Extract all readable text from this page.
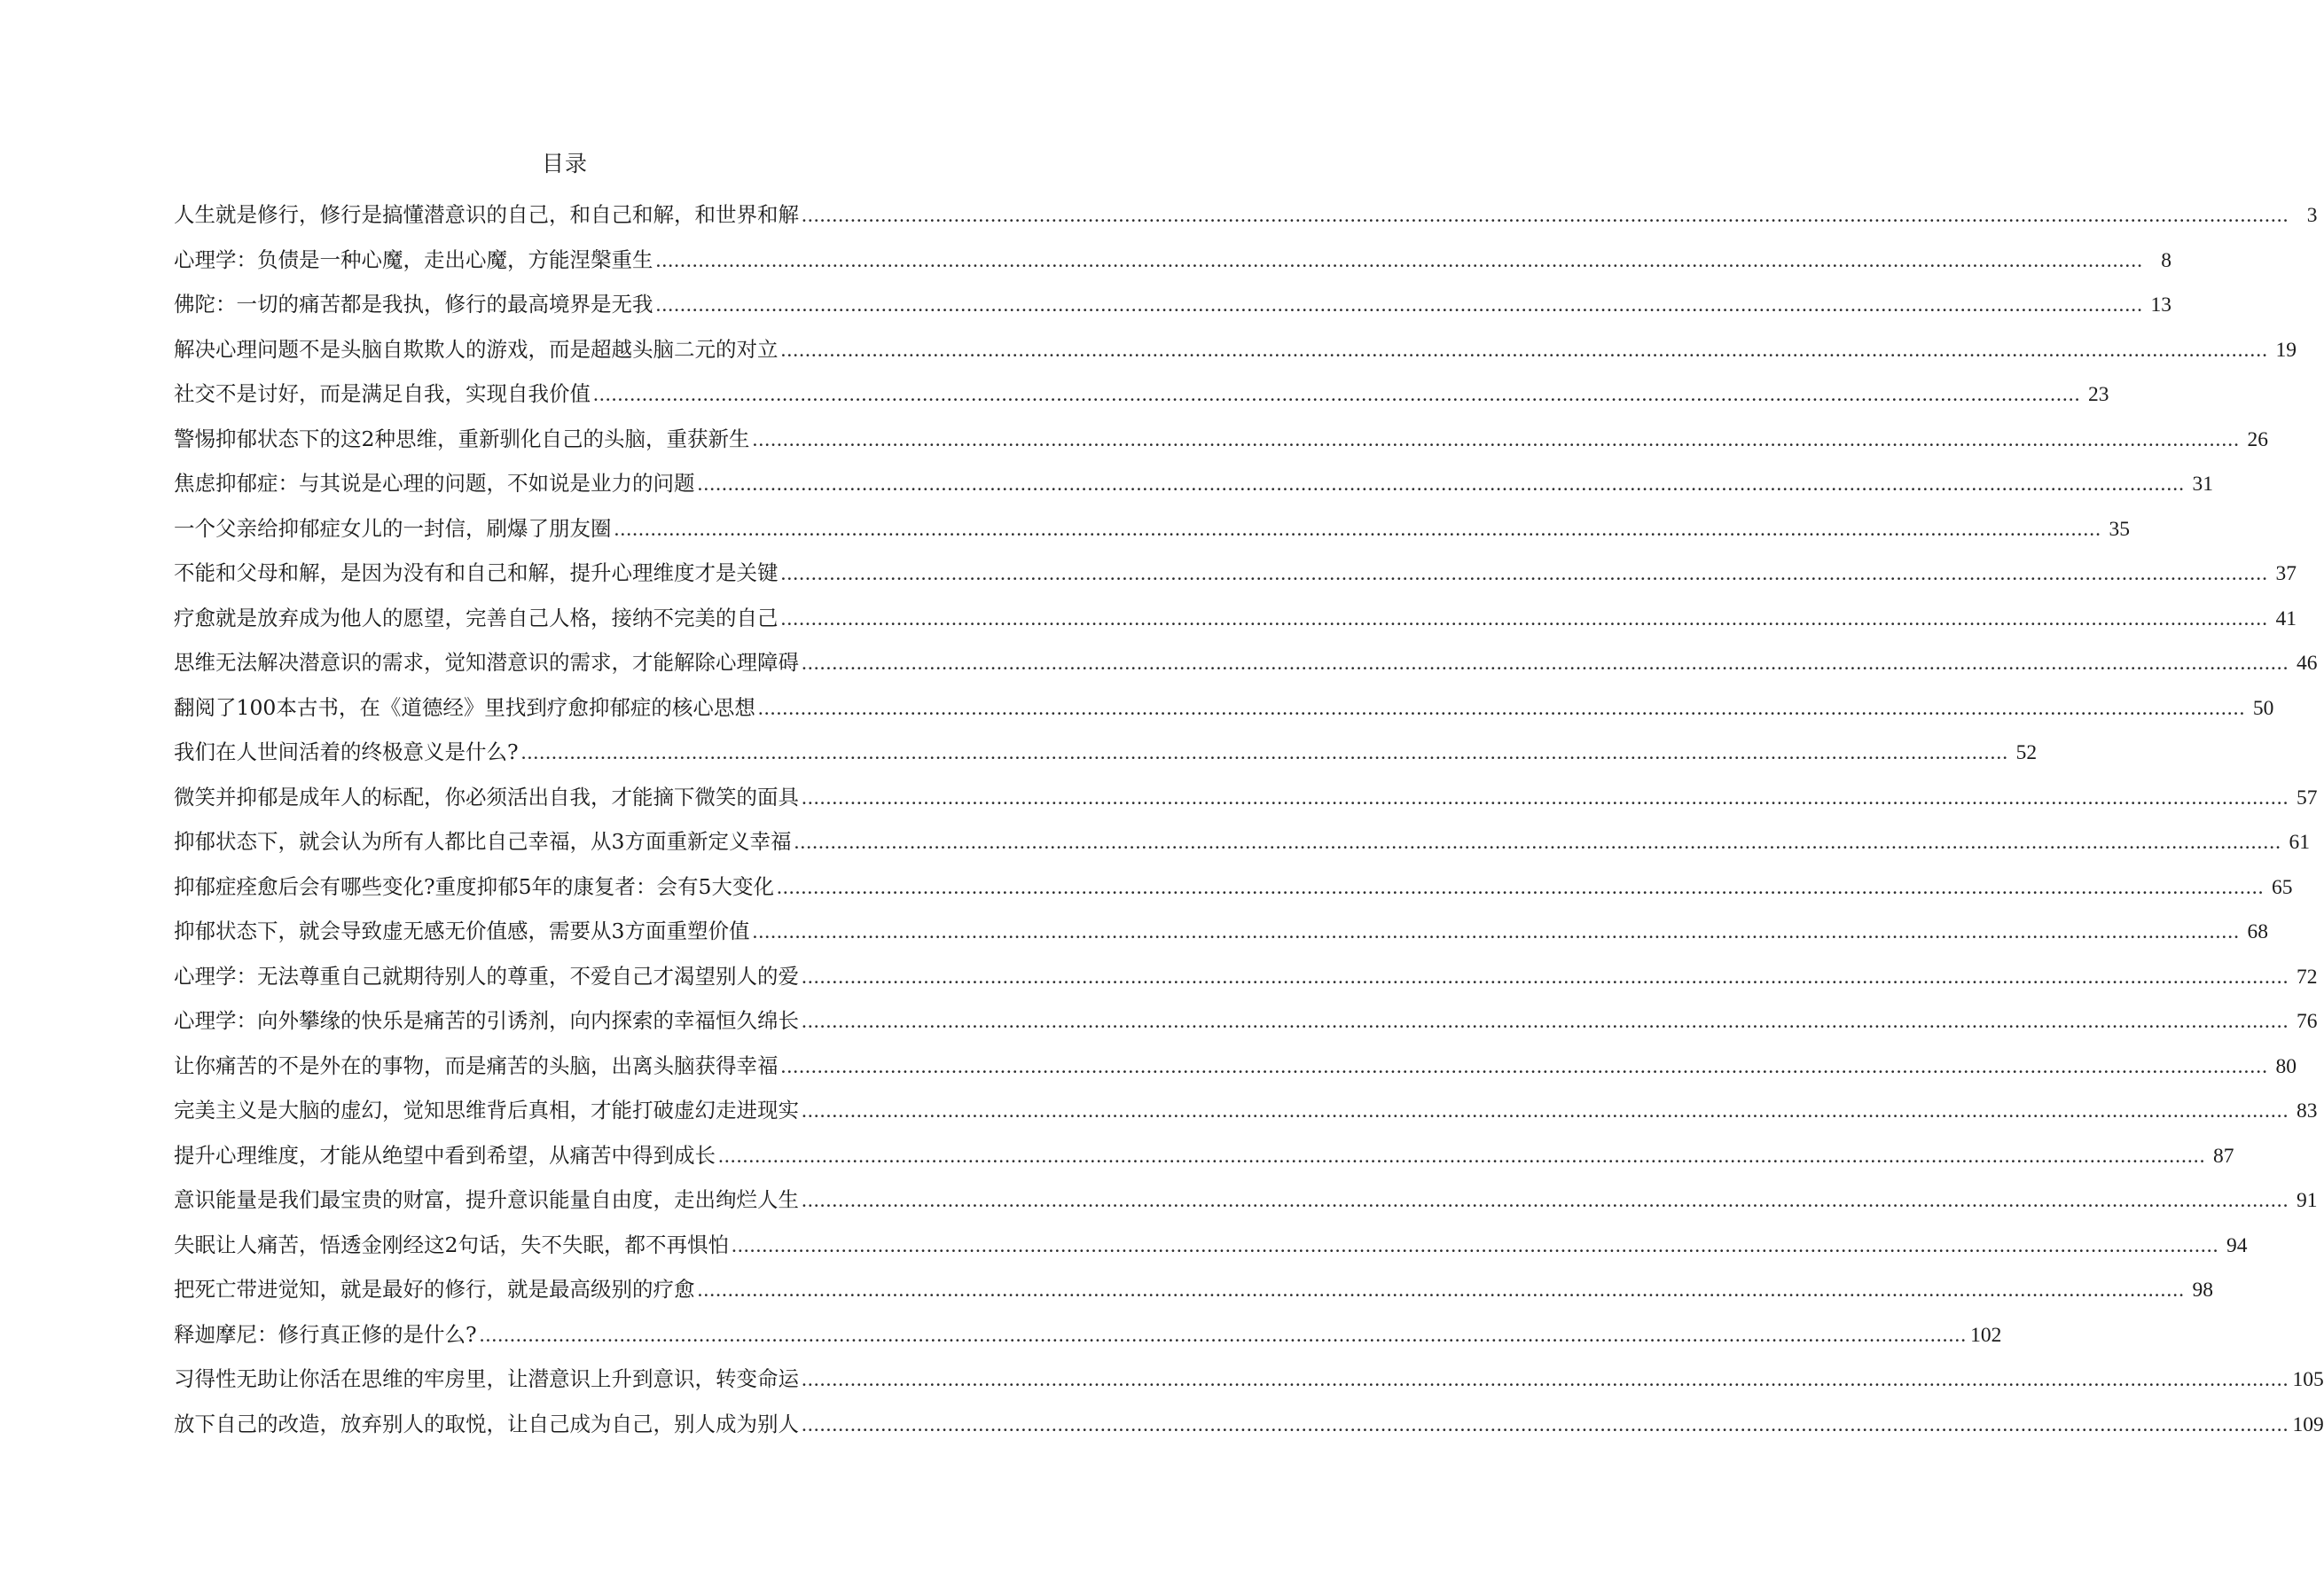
目录
人生就是修行，修行是搞懂潜意识的自己，和自己和解，和世界和解 .....	3
心理学：负债是一种心魔，走出心魔，方能涅槃重生 .....	8
佛陀：一切的痛苦都是我执，修行的最高境界是无我 .....	13
解决心理问题不是头脑自欺欺人的游戏，而是超越头脑二元的对立 .....	19
社交不是讨好，而是满足自我，实现自我价值 .....	23
警惕抑郁状态下的这2种思维，重新驯化自己的头脑，重获新生 .....	26
焦虑抑郁症：与其说是心理的问题，不如说是业力的问题 .....	31
一个父亲给抑郁症女儿的一封信，刷爆了朋友圈 .....	35
不能和父母和解，是因为没有和自己和解，提升心理维度才是关键 .....	37
疗愈就是放弃成为他人的愿望，完善自己人格，接纳不完美的自己 .....	41
思维无法解决潜意识的需求，觉知潜意识的需求，才能解除心理障碍 .....	46
翻阅了100本古书，在《道德经》里找到疗愈抑郁症的核心思想 .....	50
我们在人世间活着的终极意义是什么? .....	52
微笑并抑郁是成年人的标配，你必须活出自我，才能摘下微笑的面具 .....	57
抑郁状态下，就会认为所有人都比自己幸福，从3方面重新定义幸福 .....	61
抑郁症痊愈后会有哪些变化?重度抑郁5年的康复者：会有5大变化 .....	65
抑郁状态下，就会导致虚无感无价值感，需要从3方面重塑价值 .....	68
心理学：无法尊重自己就期待别人的尊重，不爱自己才渴望别人的爱 .....	72
心理学：向外攀缘的快乐是痛苦的引诱剂，向内探索的幸福恒久绵长 .....	76
让你痛苦的不是外在的事物，而是痛苦的头脑，出离头脑获得幸福 .....	80
完美主义是大脑的虚幻，觉知思维背后真相，才能打破虚幻走进现实 .....	83
提升心理维度，才能从绝望中看到希望，从痛苦中得到成长 .....	87
意识能量是我们最宝贵的财富，提升意识能量自由度，走出绚烂人生 .....	91
失眠让人痛苦，悟透金刚经这2句话，失不失眠，都不再惧怕 .....	94
把死亡带进觉知，就是最好的修行，就是最高级别的疗愈 .....	98
释迦摩尼：修行真正修的是什么? .....	102
习得性无助让你活在思维的牢房里，让潜意识上升到意识，转变命运 .....	105
放下自己的改造，放弃别人的取悦，让自己成为自己，别人成为别人 .....	109
